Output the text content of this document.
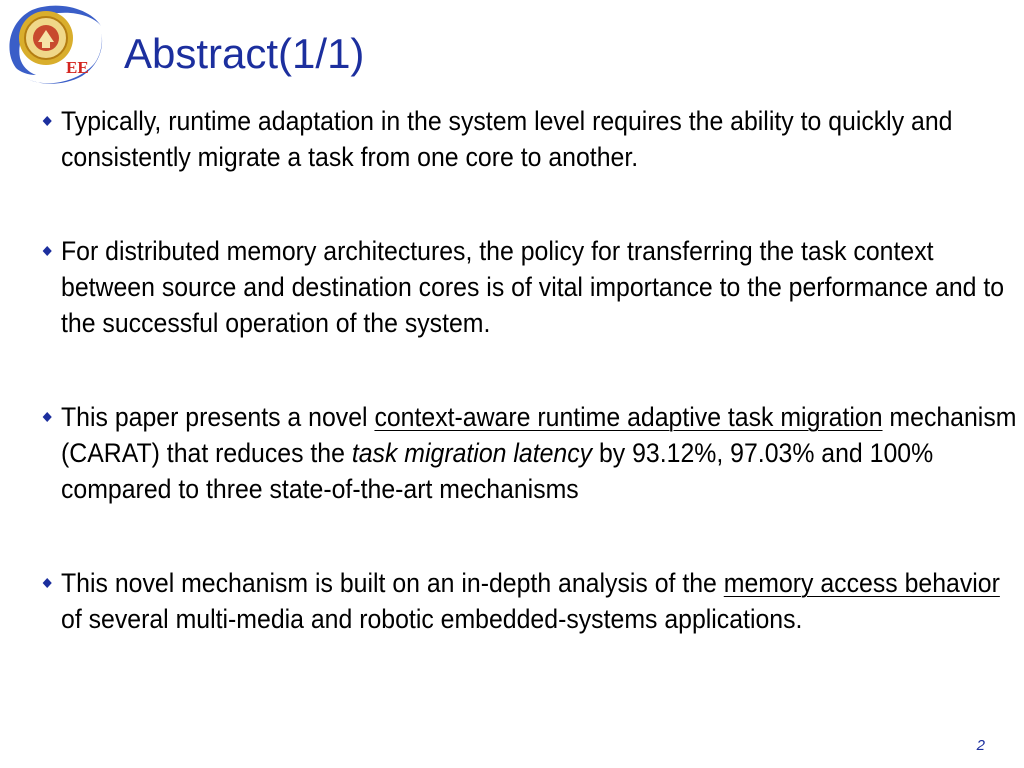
EE Abstract(1/1)
Typically, runtime adaptation in the system level requires the ability to quickly and consistently migrate a task from one core to another.
For distributed memory architectures, the policy for transferring the task context between source and destination cores is of vital importance to the performance and to the successful operation of the system.
This paper presents a novel context-aware runtime adaptive task migration mechanism (CARAT) that reduces the task migration latency by 93.12%, 97.03% and 100% compared to three state-of-the-art mechanisms
This novel mechanism is built on an in-depth analysis of the memory access behavior of several multi-media and robotic embedded-systems applications.
2
